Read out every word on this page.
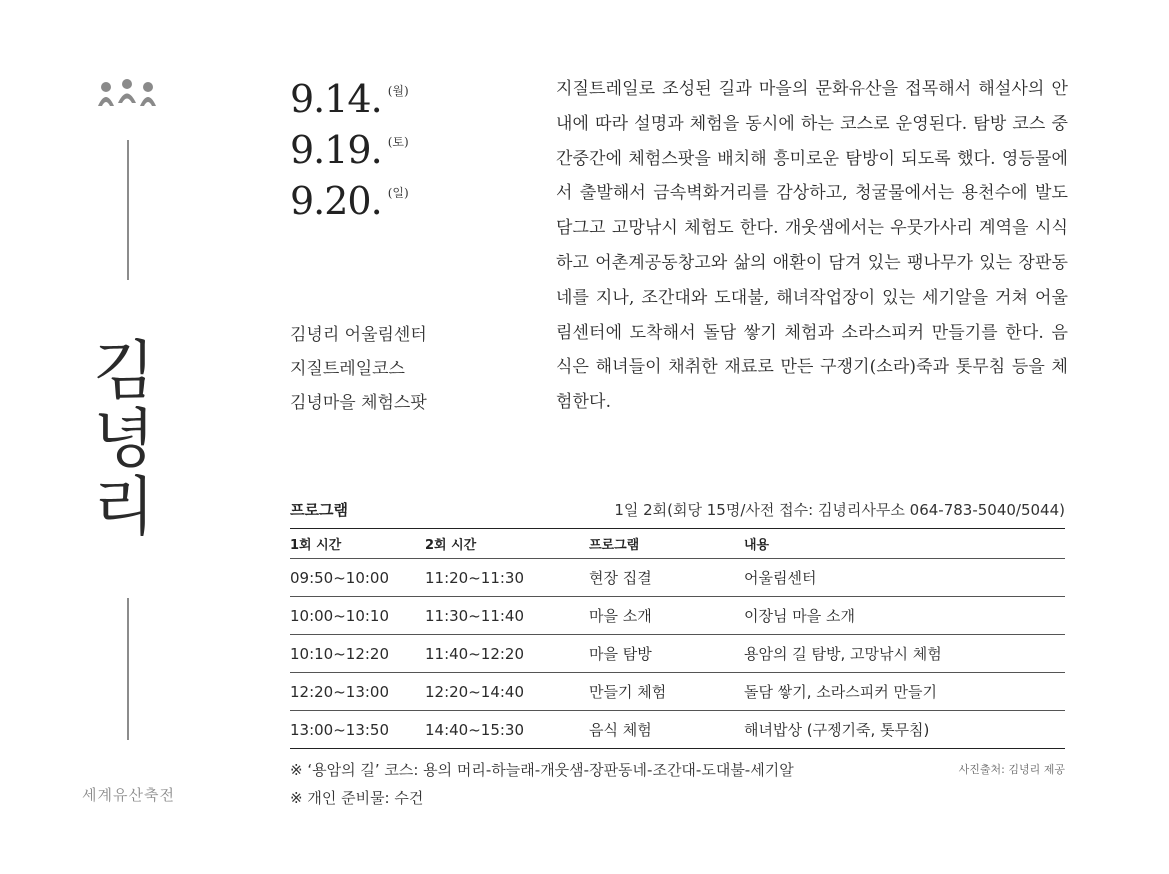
김
녕
리
세계유산축전
9.14. (월)
9.19. (토)
9.20. (일)
김녕리 어울림센터
지질트레일코스
김녕마을 체험스팟

지질트레일로 조성된 길과 마을의 문화유산을 접목해서 해설사의 안내에 따라 설명과 체험을 동시에 하는 코스로 운영된다. 탐방 코스 중간중간에 체험스팟을 배치해 흥미로운 탐방이 되도록 했다. 영등물에서 출발해서 금속벽화거리를 감상하고, 청굴물에서는 용천수에 발도 담그고 고망낚시 체험도 한다. 개웃샘에서는 우뭇가사리 계역을 시식하고 어촌계공동창고와 삶의 애환이 담겨 있는 팽나무가 있는 장판동네를 지나, 조간대와 도대불, 해녀작업장이 있는 세기알을 거쳐 어울림센터에 도착해서 돌담 쌓기 체험과 소라스피커 만들기를 한다. 음식은 해녀들이 채취한 재료로 만든 구쟁기(소라)죽과 톳무침 등을 체험한다.

프로그램	1일 2회(회당 15명/사전 접수: 김녕리사무소 064-783-5040/5044)
1회 시간	2회 시간	프로그램	내용
09:50~10:00	11:20~11:30	현장 집결	어울림센터
10:00~10:10	11:30~11:40	마을 소개	이장님 마을 소개
10:10~12:20	11:40~12:20	마을 탐방	용암의 길 탐방, 고망낚시 체험
12:20~13:00	12:20~14:40	만들기 체험	돌담 쌓기, 소라스피커 만들기
13:00~13:50	14:40~15:30	음식 체험	해녀밥상 (구젱기죽, 톳무침)
※ ‘용암의 길’ 코스: 용의 머리-하늘래-개웃샘-장판동네-조간대-도대불-세기알
※ 개인 준비물: 수건
사진출처: 김녕리 제공
